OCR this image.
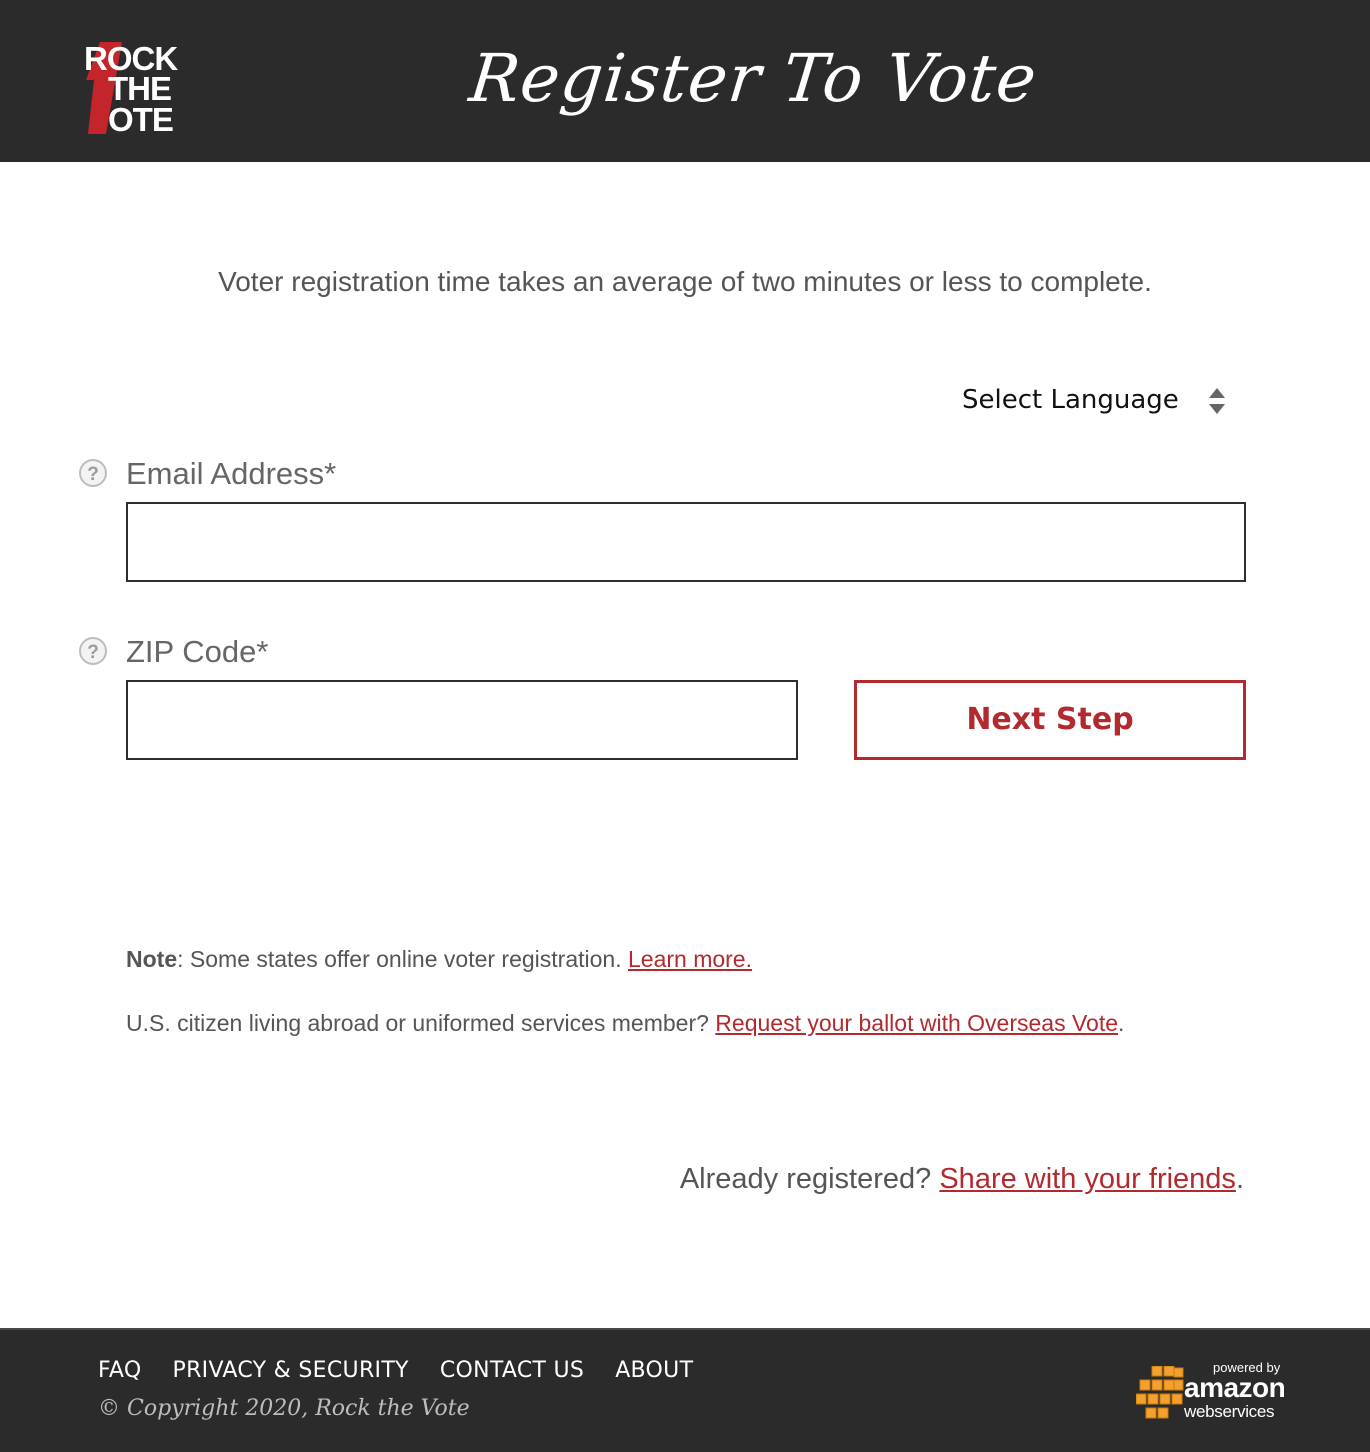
ROCK
THE
OTE
Register To Vote
Voter registration time takes an average of two minutes or less to complete.
Select Language
? Email Address*
? ZIP Code*
Next Step
Note: Some states offer online voter registration. Learn more.
U.S. citizen living abroad or uniformed services member? Request your ballot with Overseas Vote.
Already registered? Share with your friends.
FAQ PRIVACY & SECURITY CONTACT US ABOUT
© Copyright 2020, Rock the Vote
powered by
amazon
webservices
